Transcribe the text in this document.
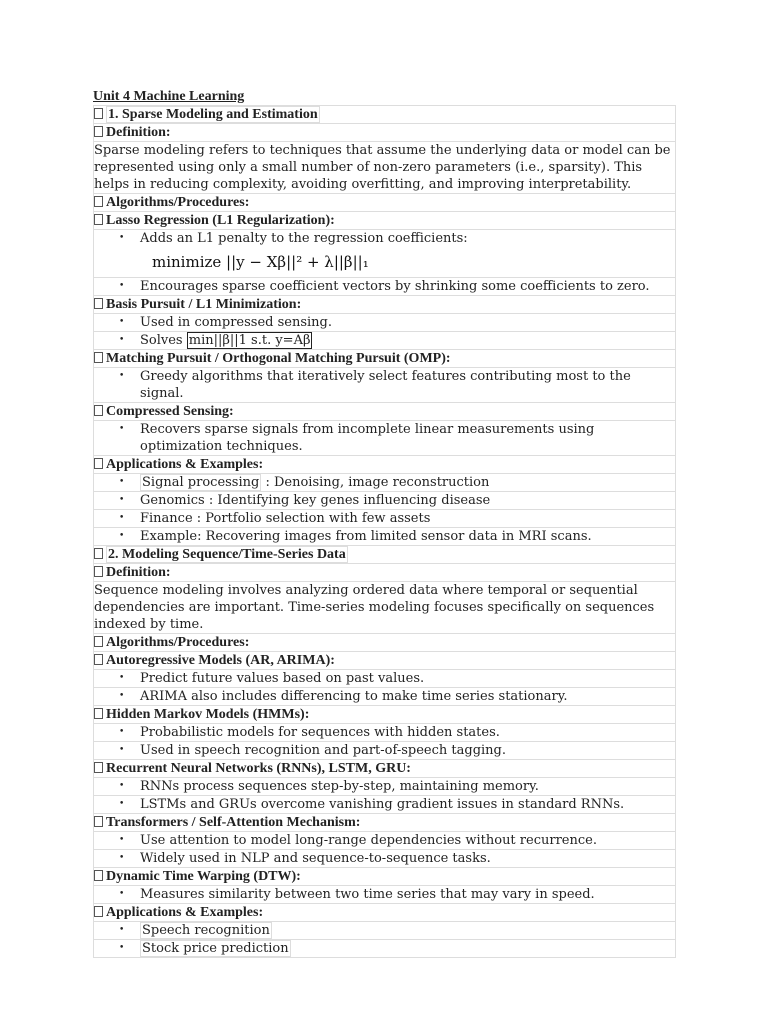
Unit 4 Machine Learning
1. Sparse Modeling and Estimation
Definition:
Sparse modeling refers to techniques that assume the underlying data or model can be represented using only a small number of non-zero parameters (i.e., sparsity). This helps in reducing complexity, avoiding overfitting, and improving interpretability.
Algorithms/Procedures:
Lasso Regression (L1 Regularization):
• Adds an L1 penalty to the regression coefficients:
minimize ||y − Xβ||² + λ||β||₁
• Encourages sparse coefficient vectors by shrinking some coefficients to zero.
Basis Pursuit / L1 Minimization:
• Used in compressed sensing.
• Solves min||β||1 s.t. y=Aβ
Matching Pursuit / Orthogonal Matching Pursuit (OMP):
• Greedy algorithms that iteratively select features contributing most to the signal.
Compressed Sensing:
• Recovers sparse signals from incomplete linear measurements using optimization techniques.
Applications & Examples:
• Signal processing : Denoising, image reconstruction
• Genomics : Identifying key genes influencing disease
• Finance : Portfolio selection with few assets
• Example: Recovering images from limited sensor data in MRI scans.
2. Modeling Sequence/Time-Series Data
Definition:
Sequence modeling involves analyzing ordered data where temporal or sequential dependencies are important. Time-series modeling focuses specifically on sequences indexed by time.
Algorithms/Procedures:
Autoregressive Models (AR, ARIMA):
• Predict future values based on past values.
• ARIMA also includes differencing to make time series stationary.
Hidden Markov Models (HMMs):
• Probabilistic models for sequences with hidden states.
• Used in speech recognition and part-of-speech tagging.
Recurrent Neural Networks (RNNs), LSTM, GRU:
• RNNs process sequences step-by-step, maintaining memory.
• LSTMs and GRUs overcome vanishing gradient issues in standard RNNs.
Transformers / Self-Attention Mechanism:
• Use attention to model long-range dependencies without recurrence.
• Widely used in NLP and sequence-to-sequence tasks.
Dynamic Time Warping (DTW):
• Measures similarity between two time series that may vary in speed.
Applications & Examples:
• Speech recognition
• Stock price prediction
